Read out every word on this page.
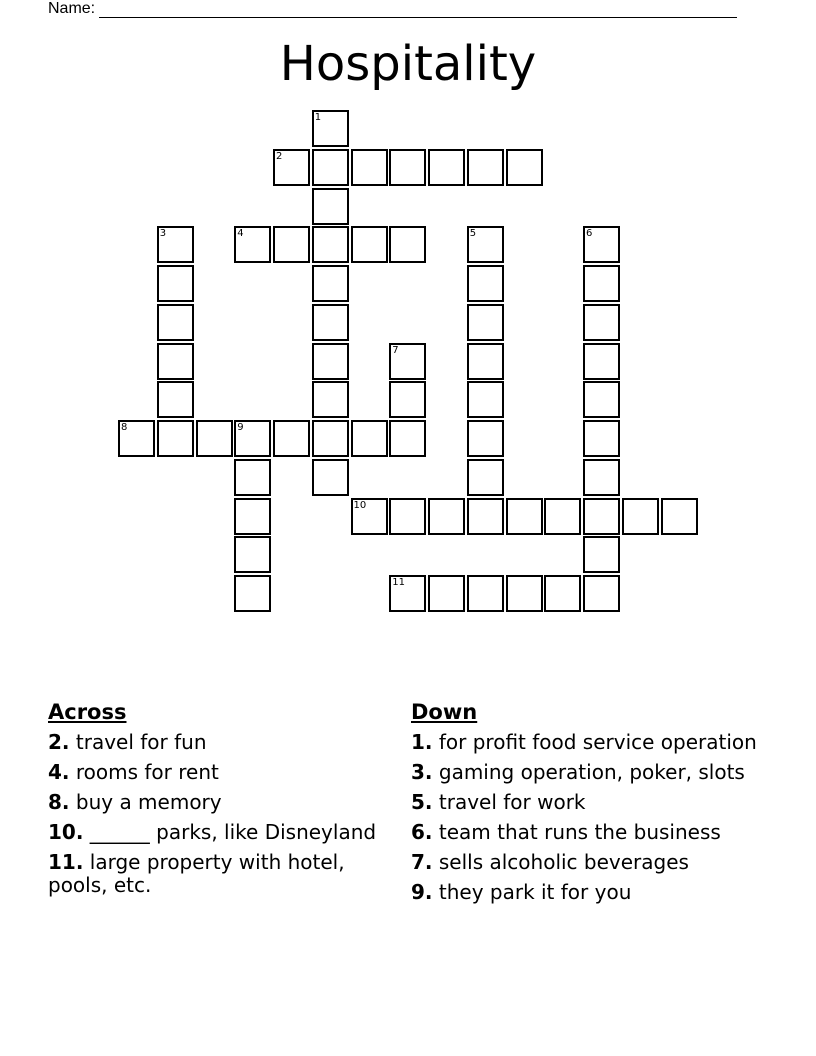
Name:
Hospitality
1
2
3	4	5	6
7
8	9
10
11
Across
2. travel for fun
4. rooms for rent
8. buy a memory
10. ______ parks, like Disneyland
11. large property with hotel, pools, etc.
Down
1. for profit food service operation
3. gaming operation, poker, slots
5. travel for work
6. team that runs the business
7. sells alcoholic beverages
9. they park it for you
